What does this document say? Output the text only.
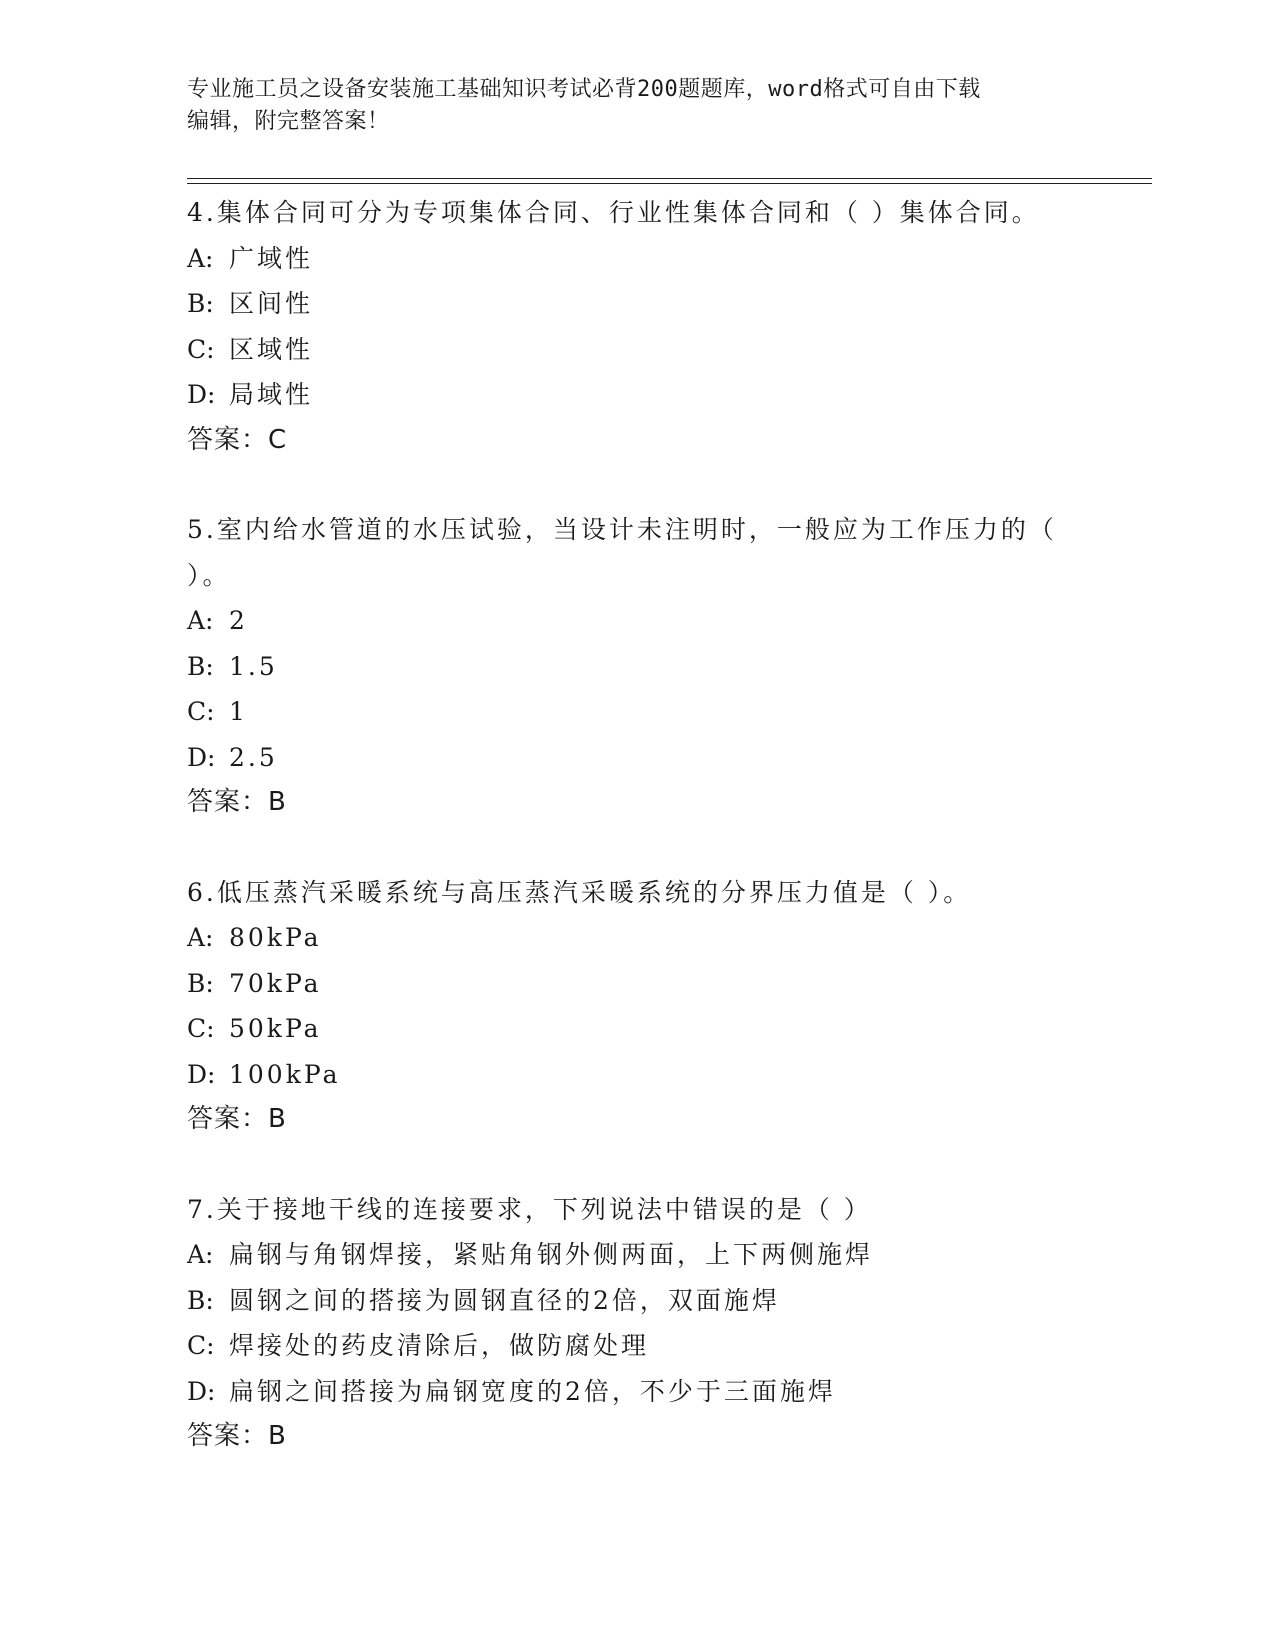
专业施工员之设备安装施工基础知识考试必背200题题库，word格式可自由下载
编辑，附完整答案！

4.集体合同可分为专项集体合同、行业性集体合同和（ ）集体合同。

A: 广域性
B: 区间性
C: 区域性
D: 局域性
答案：C

5.室内给水管道的水压试验，当设计未注明时，一般应为工作压力的（ ）。

A: 2
B: 1.5
C: 1
D: 2.5
答案：B

6.低压蒸汽采暖系统与高压蒸汽采暖系统的分界压力值是（ ）。

A: 80kPa
B: 70kPa
C: 50kPa
D: 100kPa
答案：B

7.关于接地干线的连接要求，下列说法中错误的是（ ）

A: 扁钢与角钢焊接，紧贴角钢外侧两面，上下两侧施焊
B: 圆钢之间的搭接为圆钢直径的2倍，双面施焊
C: 焊接处的药皮清除后，做防腐处理
D: 扁钢之间搭接为扁钢宽度的2倍，不少于三面施焊
答案：B
